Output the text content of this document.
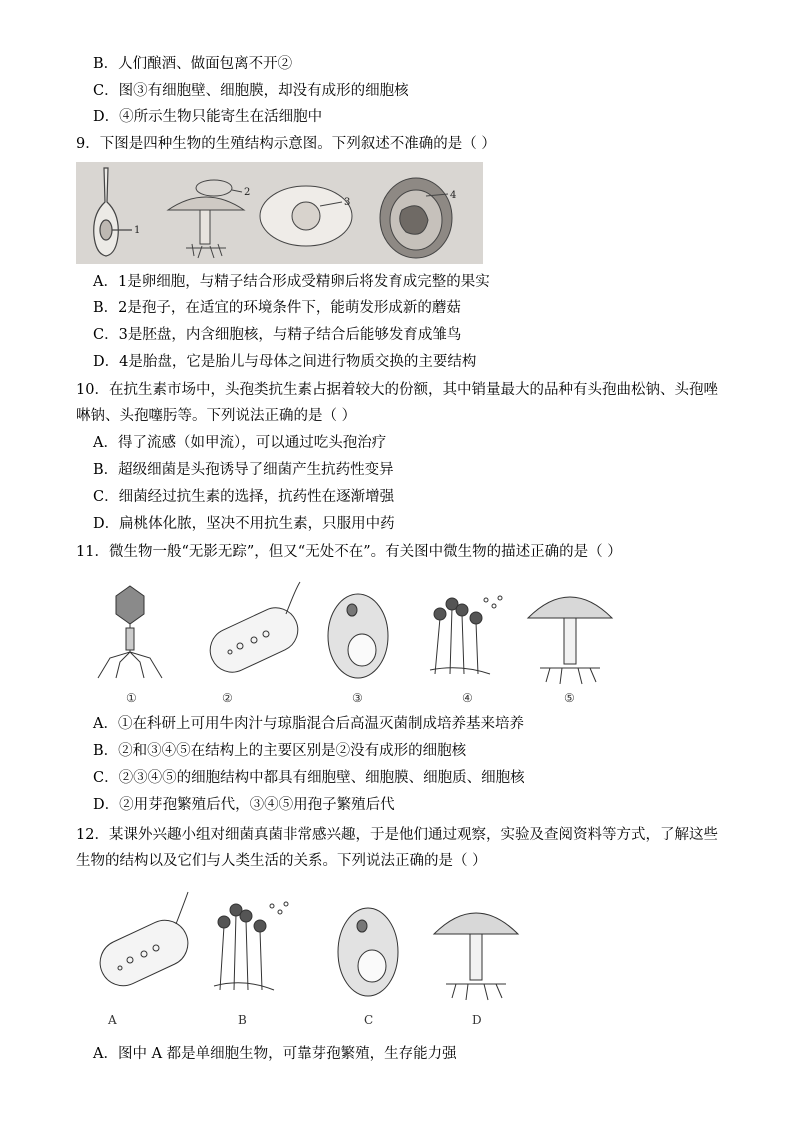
B．人们酿酒、做面包离不开②
C．图③有细胞壁、细胞膜，却没有成形的细胞核
D．④所示生物只能寄生在活细胞中
9．下图是四种生物的生殖结构示意图。下列叙述不准确的是（ ）
1
2
3
4
A．1是卵细胞，与精子结合形成受精卵后将发育成完整的果实
B．2是孢子，在适宜的环境条件下，能萌发形成新的蘑菇
C．3是胚盘，内含细胞核，与精子结合后能够发育成雏鸟
D．4是胎盘，它是胎儿与母体之间进行物质交换的主要结构
10．在抗生素市场中，头孢类抗生素占据着较大的份额，其中销量最大的品种有头孢曲松钠、头孢唑啉钠、头孢噻肟等。下列说法正确的是（ ）
A．得了流感（如甲流），可以通过吃头孢治疗
B．超级细菌是头孢诱导了细菌产生抗药性变异
C．细菌经过抗生素的选择，抗药性在逐渐增强
D．扁桃体化脓，坚决不用抗生素，只服用中药
11．微生物一般“无影无踪”，但又“无处不在”。有关图中微生物的描述正确的是（ ）
①	②	③	④	⑤
A．①在科研上可用牛肉汁与琼脂混合后高温灭菌制成培养基来培养
B．②和③④⑤在结构上的主要区别是②没有成形的细胞核
C．②③④⑤的细胞结构中都具有细胞壁、细胞膜、细胞质、细胞核
D．②用芽孢繁殖后代，③④⑤用孢子繁殖后代
12．某课外兴趣小组对细菌真菌非常感兴趣，于是他们通过观察，实验及查阅资料等方式，了解这些生物的结构以及它们与人类生活的关系。下列说法正确的是（ ）
A	B	C	D
A．图中 A 都是单细胞生物，可靠芽孢繁殖，生存能力强
